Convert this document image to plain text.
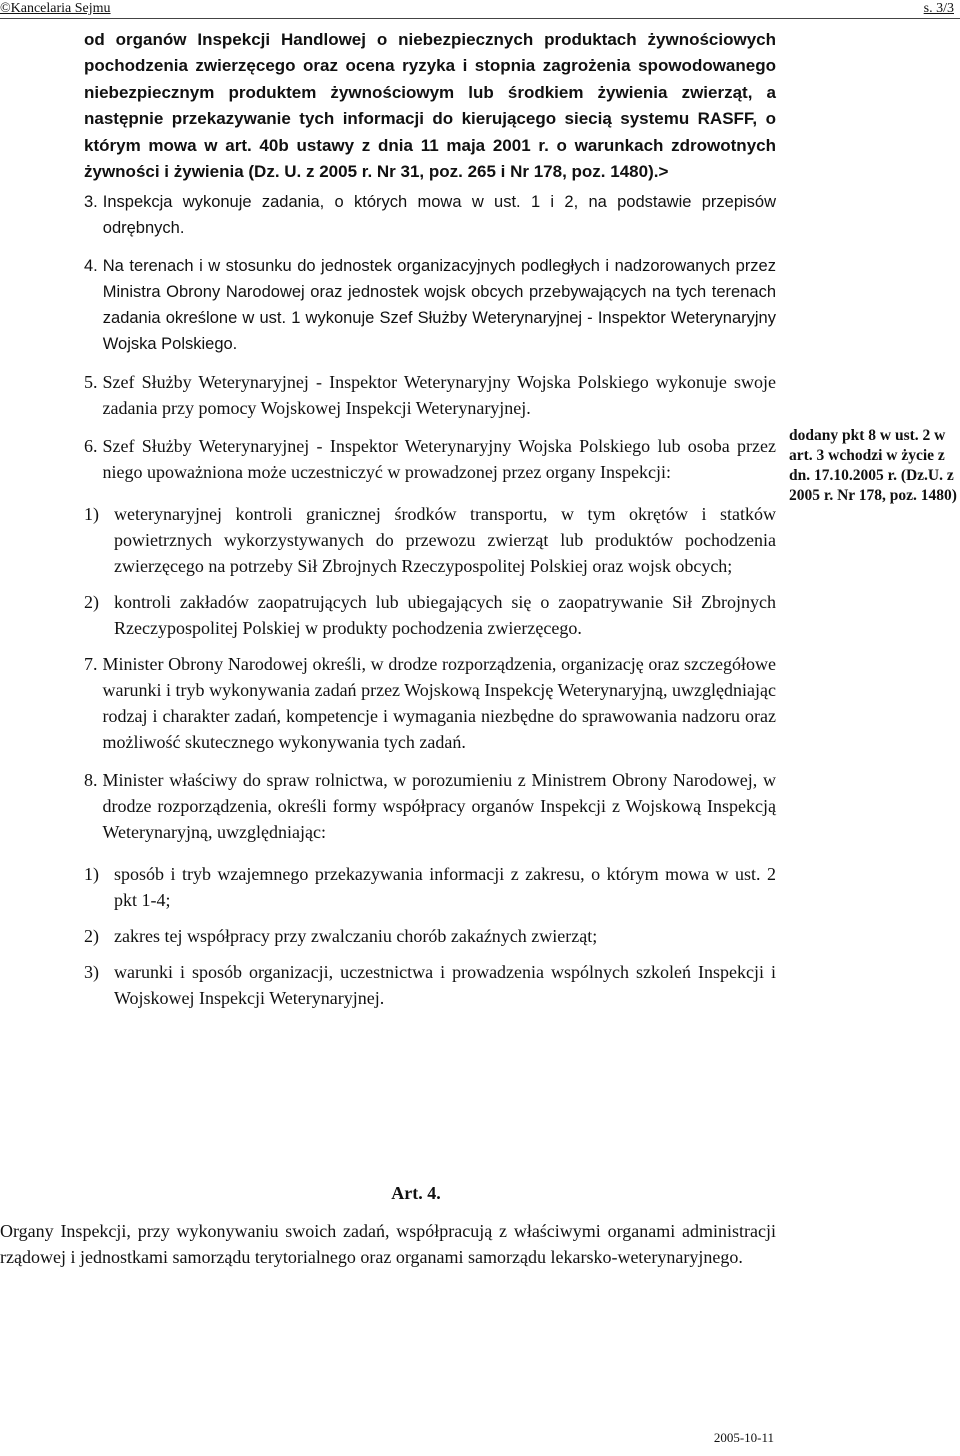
©Kancelaria Sejmu	s. 3/3

od organów Inspekcji Handlowej o niebezpiecznych produktach żywnościowych pochodzenia zwierzęcego oraz ocena ryzyka i stopnia zagrożenia spowodowanego niebezpiecznym produktem żywnościowym lub środkiem żywienia zwierząt, a następnie przekazywanie tych informacji do kierującego siecią systemu RASFF, o którym mowa w art. 40b ustawy z dnia 11 maja 2001 r. o warunkach zdrowotnych żywności i żywienia (Dz. U. z 2005 r. Nr 31, poz. 265 i Nr 178, poz. 1480).>

3. Inspekcja wykonuje zadania, o których mowa w ust. 1 i 2, na podstawie przepisów odrębnych.
4. Na terenach i w stosunku do jednostek organizacyjnych podległych i nadzorowanych przez Ministra Obrony Narodowej oraz jednostek wojsk obcych przebywających na tych terenach zadania określone w ust. 1 wykonuje Szef Służby Weterynaryjnej - Inspektor Weterynaryjny Wojska Polskiego.
5. Szef Służby Weterynaryjnej - Inspektor Weterynaryjny Wojska Polskiego wykonuje swoje zadania przy pomocy Wojskowej Inspekcji Weterynaryjnej.
6. Szef Służby Weterynaryjnej - Inspektor Weterynaryjny Wojska Polskiego lub osoba przez niego upoważniona może uczestniczyć w prowadzonej przez organy Inspekcji:
1) weterynaryjnej kontroli granicznej środków transportu, w tym okrętów i statków powietrznych wykorzystywanych do przewozu zwierząt lub produktów pochodzenia zwierzęcego na potrzeby Sił Zbrojnych Rzeczypospolitej Polskiej oraz wojsk obcych;
2) kontroli zakładów zaopatrujących lub ubiegających się o zaopatrywanie Sił Zbrojnych Rzeczypospolitej Polskiej w produkty pochodzenia zwierzęcego.
7. Minister Obrony Narodowej określi, w drodze rozporządzenia, organizację oraz szczegółowe warunki i tryb wykonywania zadań przez Wojskową Inspekcję Weterynaryjną, uwzględniając rodzaj i charakter zadań, kompetencje i wymagania niezbędne do sprawowania nadzoru oraz możliwość skutecznego wykonywania tych zadań.
8. Minister właściwy do spraw rolnictwa, w porozumieniu z Ministrem Obrony Narodowej, w drodze rozporządzenia, określi formy współpracy organów Inspekcji z Wojskową Inspekcją Weterynaryjną, uwzględniając:
1) sposób i tryb wzajemnego przekazywania informacji z zakresu, o którym mowa w ust. 2 pkt 1-4;
2) zakres tej współpracy przy zwalczaniu chorób zakaźnych zwierząt;
3) warunki i sposób organizacji, uczestnictwa i prowadzenia wspólnych szkoleń Inspekcji i Wojskowej Inspekcji Weterynaryjnej.
dodany pkt 8 w ust. 2 w art. 3 wchodzi w życie z dn. 17.10.2005 r. (Dz.U. z 2005 r. Nr 178, poz. 1480)
Art. 4.
Organy Inspekcji, przy wykonywaniu swoich zadań, współpracują z właściwymi organami administracji rządowej i jednostkami samorządu terytorialnego oraz organami samorządu lekarsko-weterynaryjnego.
2005-10-11
